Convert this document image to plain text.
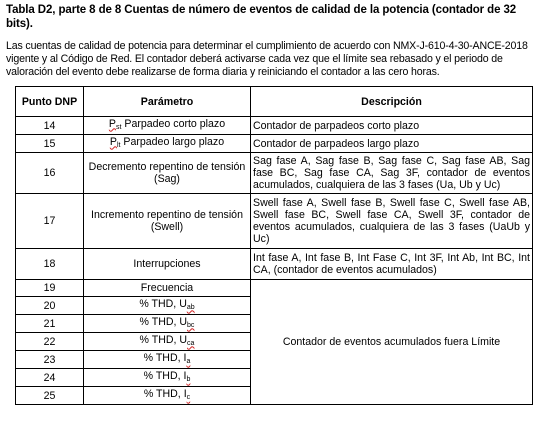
Tabla D2, parte 8 de 8 Cuentas de número de eventos de calidad de la potencia (contador de 32 bits).
Las cuentas de calidad de potencia para determinar el cumplimiento de acuerdo con NMX-J-610-4-30-ANCE-2018 vigente y al Código de Red. El contador deberá activarse cada vez que el límite sea rebasado y el periodo de valoración del evento debe realizarse de forma diaria y reiniciando el contador a las cero horas.
Punto DNP	Parámetro	Descripción
14	$P_{st}$ Parpadeo corto plazo	Contador de parpadeos corto plazo
15	$P_{lt}$ Parpadeo largo plazo	Contador de parpadeos largo plazo
16	Decremento repentino de tensión (Sag)	Sag fase A, Sag fase B, Sag fase C, Sag fase AB, Sag fase BC, Sag fase CA, Sag 3F, contador de eventos acumulados, cualquiera de las 3 fases (Ua, Ub y Uc)
17	Incremento repentino de tensión (Swell)	Swell fase A, Swell fase B, Swell fase C, Swell fase AB, Swell fase BC, Swell fase CA, Swell 3F, contador de eventos acumulados, cualquiera de las 3 fases (UaUb y Uc)
18	Interrupciones	Int fase A, Int fase B, Int Fase C, Int 3F, Int Ab, Int BC, Int CA, (contador de eventos acumulados)
19	Frecuencia	Contador de eventos acumulados fuera Límite
20	% THD, $U_{ab}$
21	% THD, $U_{bc}$
22	% THD, $U_{ca}$
23	% THD, $I_a$
24	% THD, $I_b$
25	% THD, $I_c$
